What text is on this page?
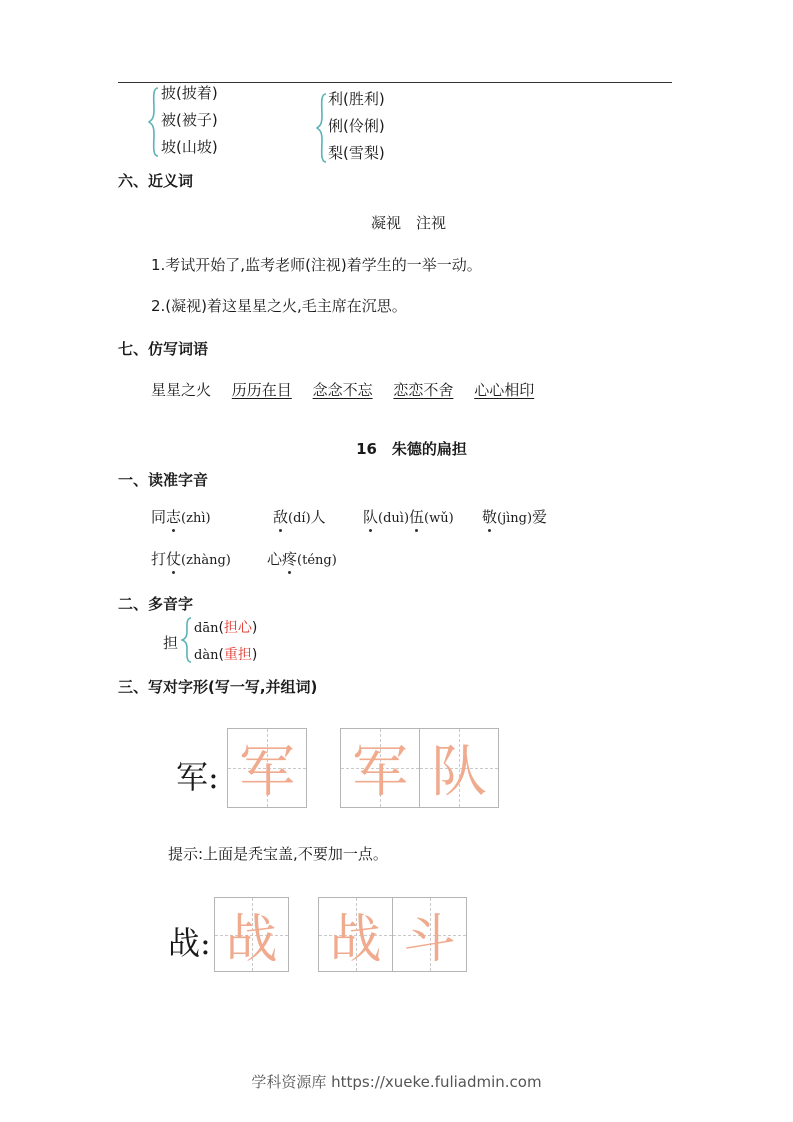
披(披着)
被(被子)
坡(山坡)
利(胜利)
俐(伶俐)
梨(雪梨)
六、近义词
凝视　注视
1.考试开始了,监考老师(注视)着学生的一举一动。
2.(凝视)着这星星之火,毛主席在沉思。
七、仿写词语
星星之火 历历在目 念念不忘 恋恋不舍 心心相印
16　朱德的扁担
一、读准字音
同志(zhì)	敌(dí)人 队(duì)伍(wǔ) 敬(jìng)爱
打仗(zhàng) 心疼(téng)
二、多音字
担
dān(担心)
dàn(重担)
三、写对字形(写一写,并组词)
军: 军 军 队
提示:上面是秃宝盖,不要加一点。
战: 战 战 斗
学科资源库 https://xueke.fuliadmin.com
